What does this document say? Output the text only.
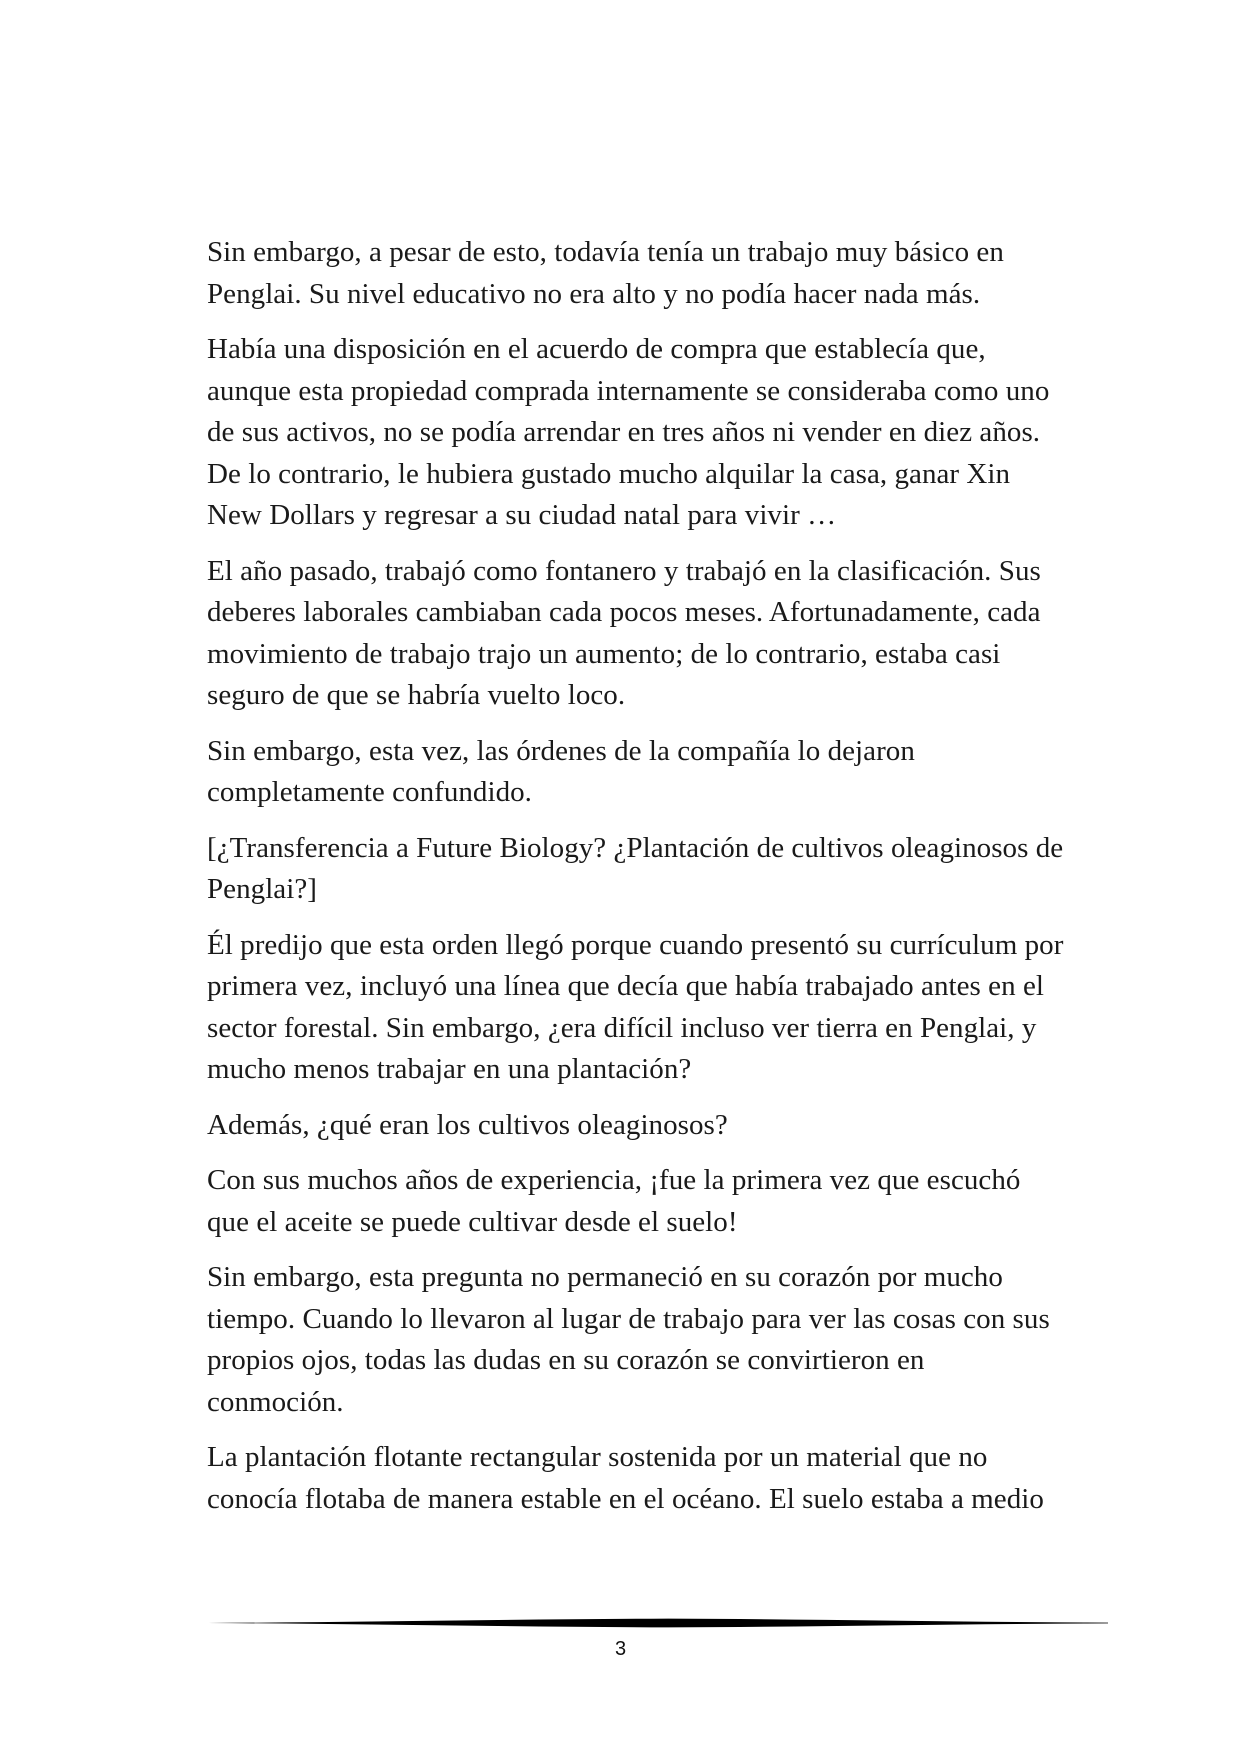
Sin embargo, a pesar de esto, todavía tenía un trabajo muy básico en Penglai. Su nivel educativo no era alto y no podía hacer nada más.

Había una disposición en el acuerdo de compra que establecía que, aunque esta propiedad comprada internamente se consideraba como uno de sus activos, no se podía arrendar en tres años ni vender en diez años. De lo contrario, le hubiera gustado mucho alquilar la casa, ganar Xin New Dollars y regresar a su ciudad natal para vivir …

El año pasado, trabajó como fontanero y trabajó en la clasificación. Sus deberes laborales cambiaban cada pocos meses. Afortunadamente, cada movimiento de trabajo trajo un aumento; de lo contrario, estaba casi seguro de que se habría vuelto loco.

Sin embargo, esta vez, las órdenes de la compañía lo dejaron completamente confundido.

[¿Transferencia a Future Biology? ¿Plantación de cultivos oleaginosos de Penglai?]

Él predijo que esta orden llegó porque cuando presentó su currículum por primera vez, incluyó una línea que decía que había trabajado antes en el sector forestal. Sin embargo, ¿era difícil incluso ver tierra en Penglai, y mucho menos trabajar en una plantación?

Además, ¿qué eran los cultivos oleaginosos?

Con sus muchos años de experiencia, ¡fue la primera vez que escuchó que el aceite se puede cultivar desde el suelo!

Sin embargo, esta pregunta no permaneció en su corazón por mucho tiempo. Cuando lo llevaron al lugar de trabajo para ver las cosas con sus propios ojos, todas las dudas en su corazón se convirtieron en conmoción.

La plantación flotante rectangular sostenida por un material que no conocía flotaba de manera estable en el océano. El suelo estaba a medio

3
